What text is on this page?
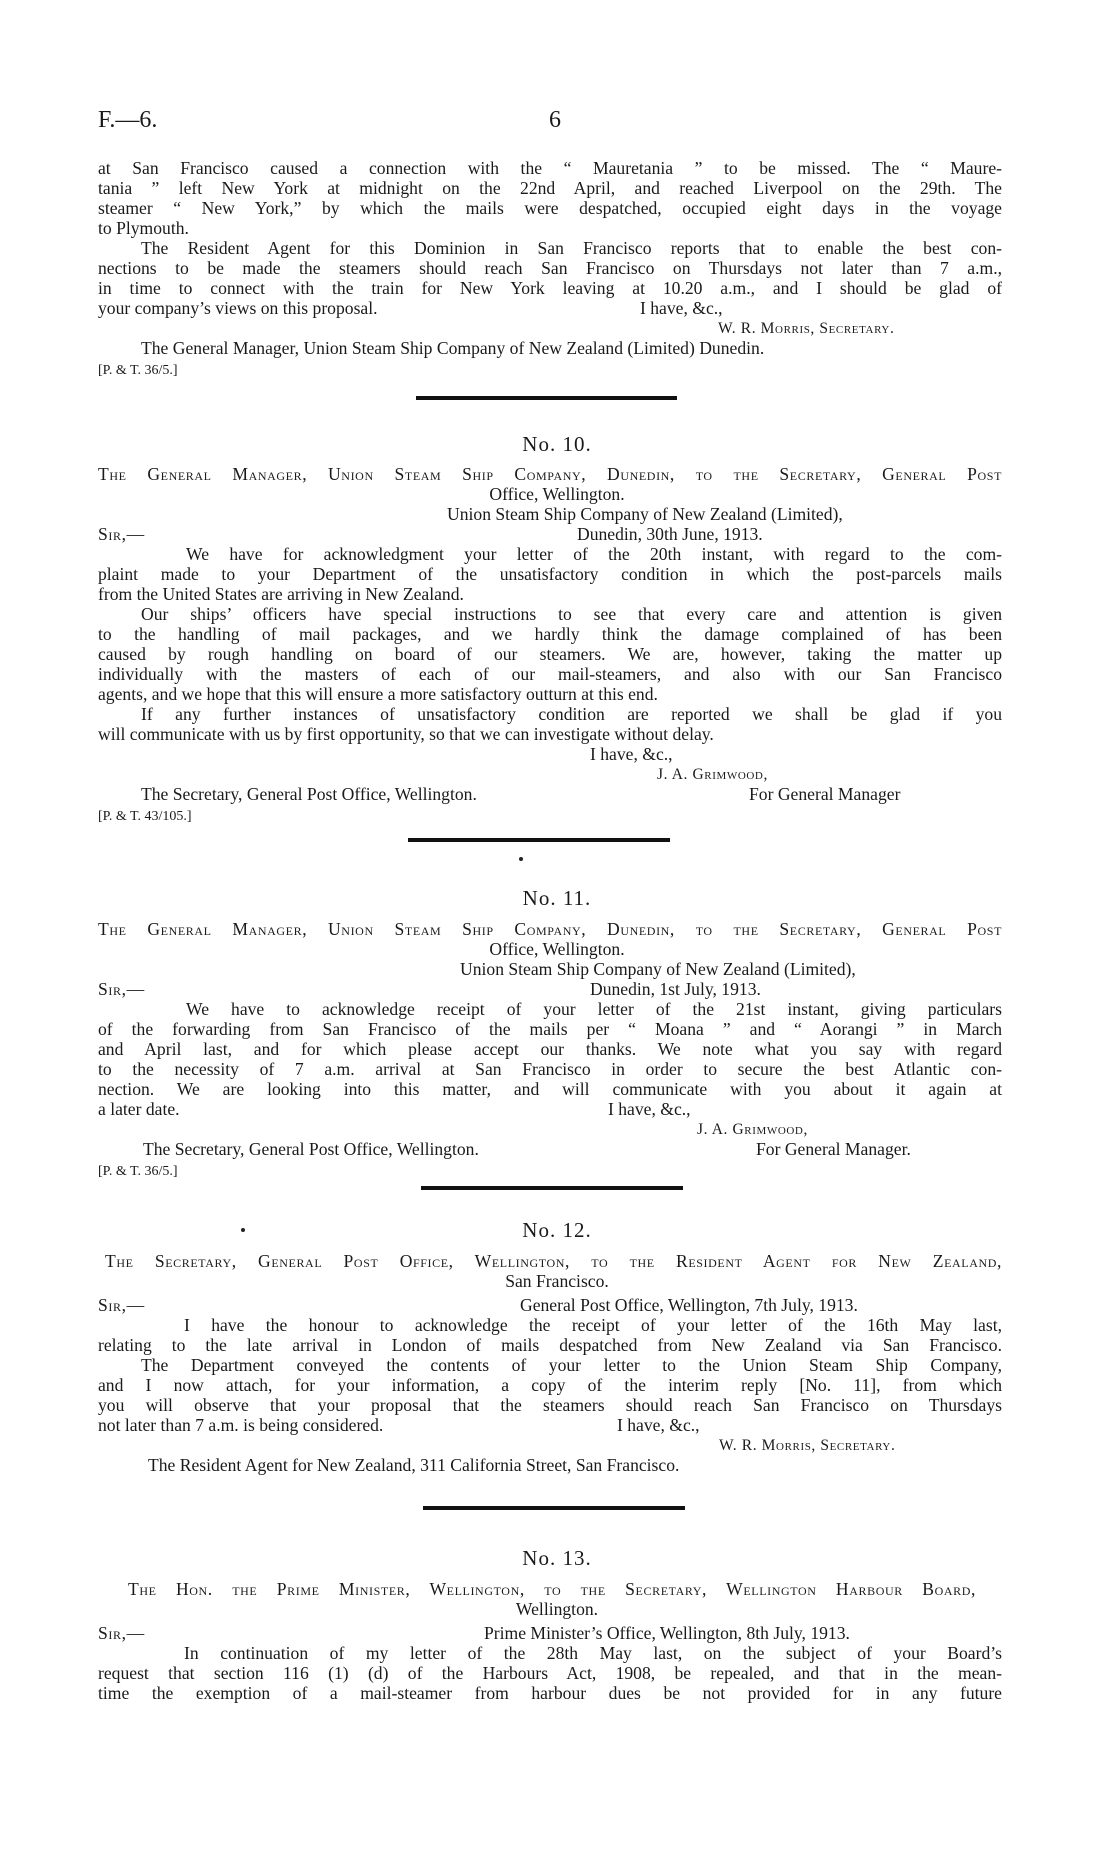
F.—6.	6
at San Francisco caused a connection with the “ Mauretania ” to be missed. The “ Maure-
tania ” left New York at midnight on the 22nd April, and reached Liverpool on the 29th. The
steamer “ New York,” by which the mails were despatched, occupied eight days in the voyage
to Plymouth.
The Resident Agent for this Dominion in San Francisco reports that to enable the best con-
nections to be made the steamers should reach San Francisco on Thursdays not later than 7 a.m.,
in time to connect with the train for New York leaving at 10.20 a.m., and I should be glad of
your company’s views on this proposal.	I have, &c.,
W. R. Morris, Secretary.
The General Manager, Union Steam Ship Company of New Zealand (Limited) Dunedin.
[P. & T. 36/5.]
No. 10.
The General Manager, Union Steam Ship Company, Dunedin, to the Secretary, General Post
Office, Wellington.
Union Steam Ship Company of New Zealand (Limited),
Sir,—	Dunedin, 30th June, 1913.
We have for acknowledgment your letter of the 20th instant, with regard to the com-
plaint made to your Department of the unsatisfactory condition in which the post-parcels mails
from the United States are arriving in New Zealand.
Our ships’ officers have special instructions to see that every care and attention is given
to the handling of mail packages, and we hardly think the damage complained of has been
caused by rough handling on board of our steamers. We are, however, taking the matter up
individually with the masters of each of our mail-steamers, and also with our San Francisco
agents, and we hope that this will ensure a more satisfactory outturn at this end.
If any further instances of unsatisfactory condition are reported we shall be glad if you
will communicate with us by first opportunity, so that we can investigate without delay.
I have, &c.,
J. A. Grimwood,
The Secretary, General Post Office, Wellington.	For General Manager
[P. & T. 43/105.]
No. 11.
The General Manager, Union Steam Ship Company, Dunedin, to the Secretary, General Post
Office, Wellington.
Union Steam Ship Company of New Zealand (Limited),
Sir,—	Dunedin, 1st July, 1913.
We have to acknowledge receipt of your letter of the 21st instant, giving particulars
of the forwarding from San Francisco of the mails per “ Moana ” and “ Aorangi ” in March
and April last, and for which please accept our thanks. We note what you say with regard
to the necessity of 7 a.m. arrival at San Francisco in order to secure the best Atlantic con-
nection. We are looking into this matter, and will communicate with you about it again at
a later date.	I have, &c.,
J. A. Grimwood,
The Secretary, General Post Office, Wellington.	For General Manager.
[P. & T. 36/5.]
No. 12.
The Secretary, General Post Office, Wellington, to the Resident Agent for New Zealand,
San Francisco.
Sir,—	General Post Office, Wellington, 7th July, 1913.
I have the honour to acknowledge the receipt of your letter of the 16th May last,
relating to the late arrival in London of mails despatched from New Zealand via San Francisco.
The Department conveyed the contents of your letter to the Union Steam Ship Company,
and I now attach, for your information, a copy of the interim reply [No. 11], from which
you will observe that your proposal that the steamers should reach San Francisco on Thursdays
not later than 7 a.m. is being considered.	I have, &c.,
W. R. Morris, Secretary.
The Resident Agent for New Zealand, 311 California Street, San Francisco.
No. 13.
The Hon. the Prime Minister, Wellington, to the Secretary, Wellington Harbour Board,
Wellington.
Sir,—	Prime Minister’s Office, Wellington, 8th July, 1913.
In continuation of my letter of the 28th May last, on the subject of your Board’s
request that section 116 (1) (d) of the Harbours Act, 1908, be repealed, and that in the mean-
time the exemption of a mail-steamer from harbour dues be not provided for in any future
